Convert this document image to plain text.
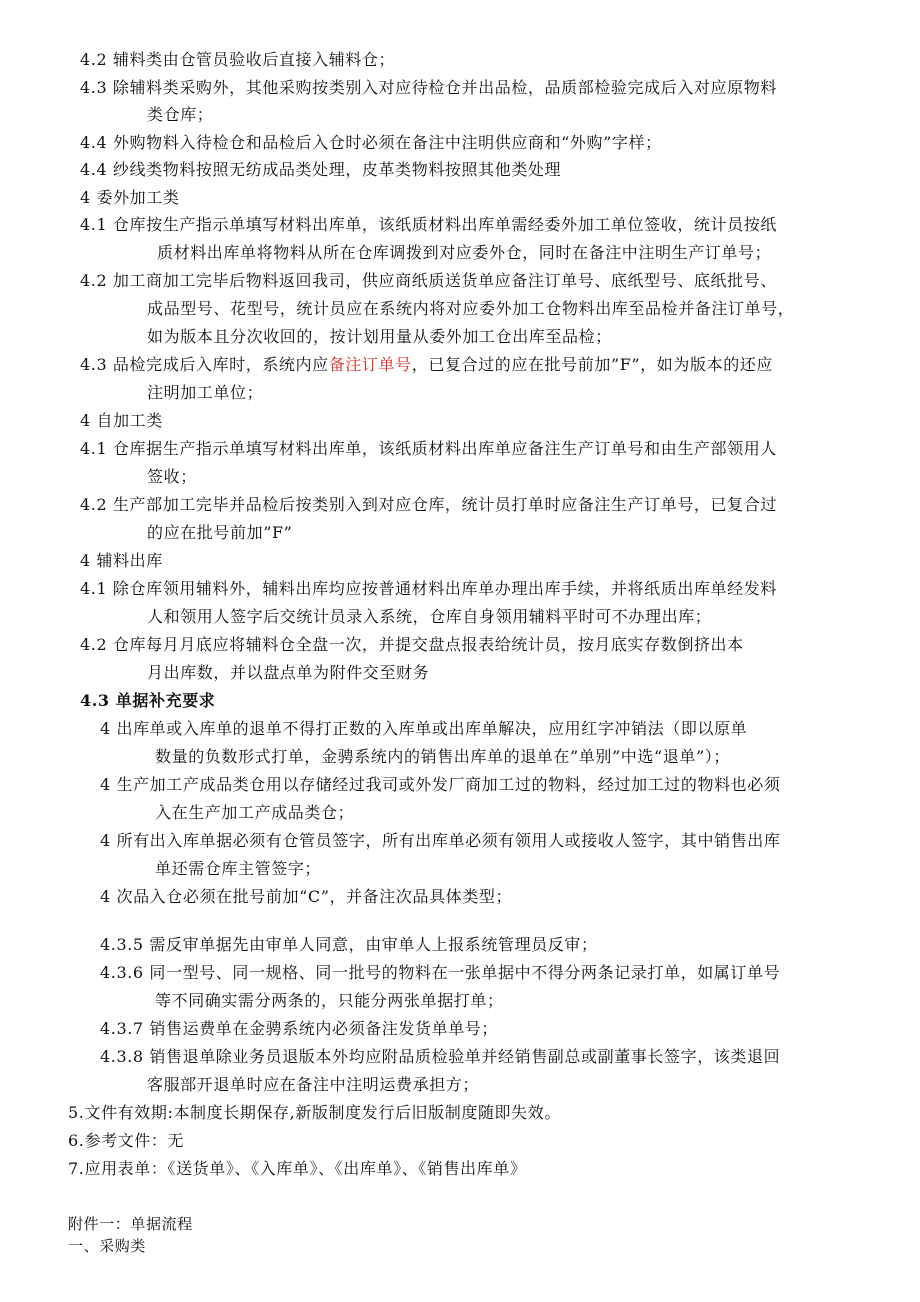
4.2 辅料类由仓管员验收后直接入辅料仓；
4.3 除辅料类采购外，其他采购按类别入对应待检仓并出品检，品质部检验完成后入对应原物料
类仓库；
4.4 外购物料入待检仓和品检后入仓时必须在备注中注明供应商和“外购”字样；
4.4 纱线类物料按照无纺成品类处理，皮革类物料按照其他类处理
4 委外加工类
4.1 仓库按生产指示单填写材料出库单，该纸质材料出库单需经委外加工单位签收，统计员按纸
质材料出库单将物料从所在仓库调拨到对应委外仓，同时在备注中注明生产订单号；
4.2 加工商加工完毕后物料返回我司，供应商纸质送货单应备注订单号、底纸型号、底纸批号、
成品型号、花型号，统计员应在系统内将对应委外加工仓物料出库至品检并备注订单号，
如为版本且分次收回的，按计划用量从委外加工仓出库至品检；
4.3 品检完成后入库时，系统内应备注订单号，已复合过的应在批号前加”F”，如为版本的还应
注明加工单位；
4 自加工类
4.1 仓库据生产指示单填写材料出库单，该纸质材料出库单应备注生产订单号和由生产部领用人
签收；
4.2 生产部加工完毕并品检后按类别入到对应仓库，统计员打单时应备注生产订单号，已复合过
的应在批号前加”F”
4 辅料出库
4.1 除仓库领用辅料外，辅料出库均应按普通材料出库单办理出库手续，并将纸质出库单经发料
人和领用人签字后交统计员录入系统，仓库自身领用辅料平时可不办理出库；
4.2 仓库每月月底应将辅料仓全盘一次，并提交盘点报表给统计员，按月底实存数倒挤出本
月出库数，并以盘点单为附件交至财务
4.3 单据补充要求
4 出库单或入库单的退单不得打正数的入库单或出库单解决，应用红字冲销法（即以原单
数量的负数形式打单，金骋系统内的销售出库单的退单在”单别”中选“退单”）；
4 生产加工产成品类仓用以存储经过我司或外发厂商加工过的物料，经过加工过的物料也必须
入在生产加工产成品类仓；
4 所有出入库单据必须有仓管员签字，所有出库单必须有领用人或接收人签字，其中销售出库
单还需仓库主管签字；
4 次品入仓必须在批号前加“C”，并备注次品具体类型；
4.3.5 需反审单据先由审单人同意，由审单人上报系统管理员反审；
4.3.6 同一型号、同一规格、同一批号的物料在一张单据中不得分两条记录打单，如属订单号
等不同确实需分两条的，只能分两张单据打单；
4.3.7 销售运费单在金骋系统内必须备注发货单单号；
4.3.8 销售退单除业务员退版本外均应附品质检验单并经销售副总或副董事长签字，该类退回
客服部开退单时应在备注中注明运费承担方；
5.文件有效期:本制度长期保存,新版制度发行后旧版制度随即失效。
6.参考文件：无
7.应用表单：《送货单》、《入库单》、《出库单》、《销售出库单》
附件一：单据流程
一、采购类
